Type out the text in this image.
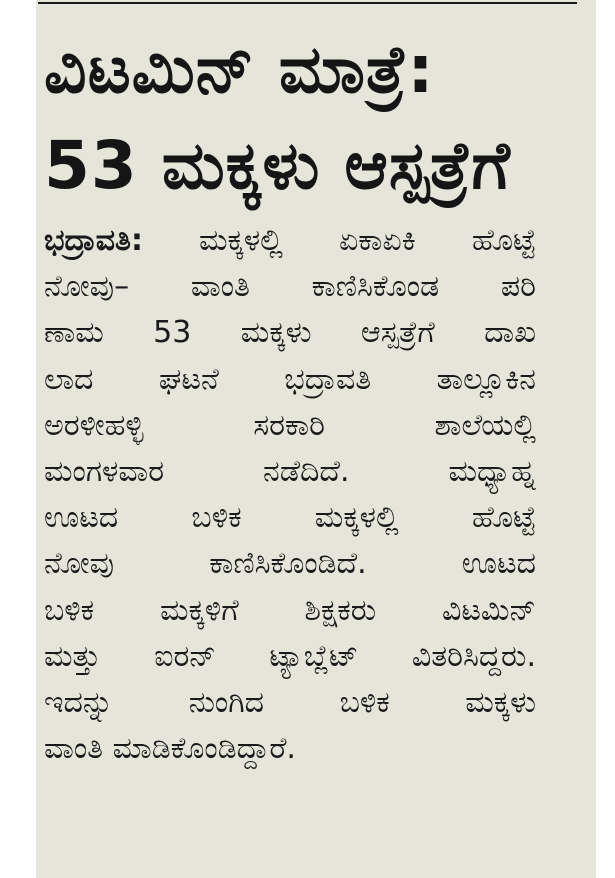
ವಿಟಮಿನ್ ಮಾತ್ರೆ:
53 ಮಕ್ಕಳು ಆಸ್ಪತ್ರೆಗೆ
ಭದ್ರಾವತಿ: ಮಕ್ಕಳಲ್ಲಿ ಏಕಾಏಕಿ ಹೊಟ್ಟೆ
ನೋವು– ವಾಂತಿ ಕಾಣಿಸಿಕೊಂಡ ಪರಿ
ಣಾಮ 53 ಮಕ್ಕಳು ಆಸ್ಪತ್ರೆಗೆ ದಾಖ
ಲಾದ ಘಟನೆ ಭದ್ರಾವತಿ ತಾಲ್ಲೂಕಿನ
ಅರಳೀಹಳ್ಳಿ ಸರಕಾರಿ ಶಾಲೆಯಲ್ಲಿ
ಮಂಗಳವಾರ ನಡೆದಿದೆ. ಮಧ್ಯಾಹ್ನ
ಊಟದ ಬಳಿಕ ಮಕ್ಕಳಲ್ಲಿ ಹೊಟ್ಟೆ
ನೋವು ಕಾಣಿಸಿಕೊಂಡಿದೆ. ಊಟದ
ಬಳಿಕ ಮಕ್ಕಳಿಗೆ ಶಿಕ್ಷಕರು ವಿಟಮಿನ್
ಮತ್ತು ಐರನ್ ಟ್ಯಾಬ್ಲೆಟ್ ವಿತರಿಸಿದ್ದರು.
ಇದನ್ನು ನುಂಗಿದ ಬಳಿಕ ಮಕ್ಕಳು
ವಾಂತಿ ಮಾಡಿಕೊಂಡಿದ್ದಾರೆ.
